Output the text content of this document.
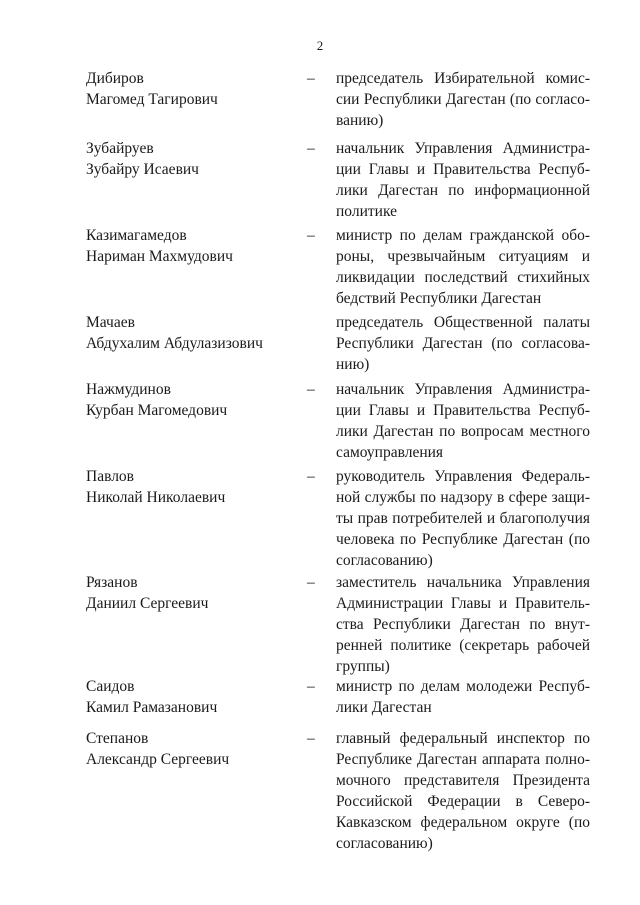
2
Дибиров
Магомед Тагирович
– председатель Избирательной комис-
сии Республики Дагестан (по согласо-
ванию)
Зубайруев
Зубайру Исаевич
– начальник Управления Администра-
ции Главы и Правительства Респуб-
лики Дагестан по информационной
политике
Казимагамедов
Нариман Махмудович
– министр по делам гражданской обо-
роны, чрезвычайным ситуациям и
ликвидации последствий стихийных
бедствий Республики Дагестан
Мачаев
Абдухалим Абдулазизович
председатель Общественной палаты
Республики Дагестан (по согласова-
нию)
Нажмудинов
Курбан Магомедович
– начальник Управления Администра-
ции Главы и Правительства Респуб-
лики Дагестан по вопросам местного
самоуправления
Павлов
Николай Николаевич
– руководитель Управления Федераль-
ной службы по надзору в сфере защи-
ты прав потребителей и благополучия
человека по Республике Дагестан (по
согласованию)
Рязанов
Даниил Сергеевич
– заместитель начальника Управления
Администрации Главы и Правитель-
ства Республики Дагестан по внут-
ренней политике (секретарь рабочей
группы)
Саидов
Камил Рамазанович
– министр по делам молодежи Респуб-
лики Дагестан
Степанов
Александр Сергеевич
– главный федеральный инспектор по
Республике Дагестан аппарата полно-
мочного представителя Президента
Российской Федерации в Северо-
Кавказском федеральном округе (по
согласованию)
